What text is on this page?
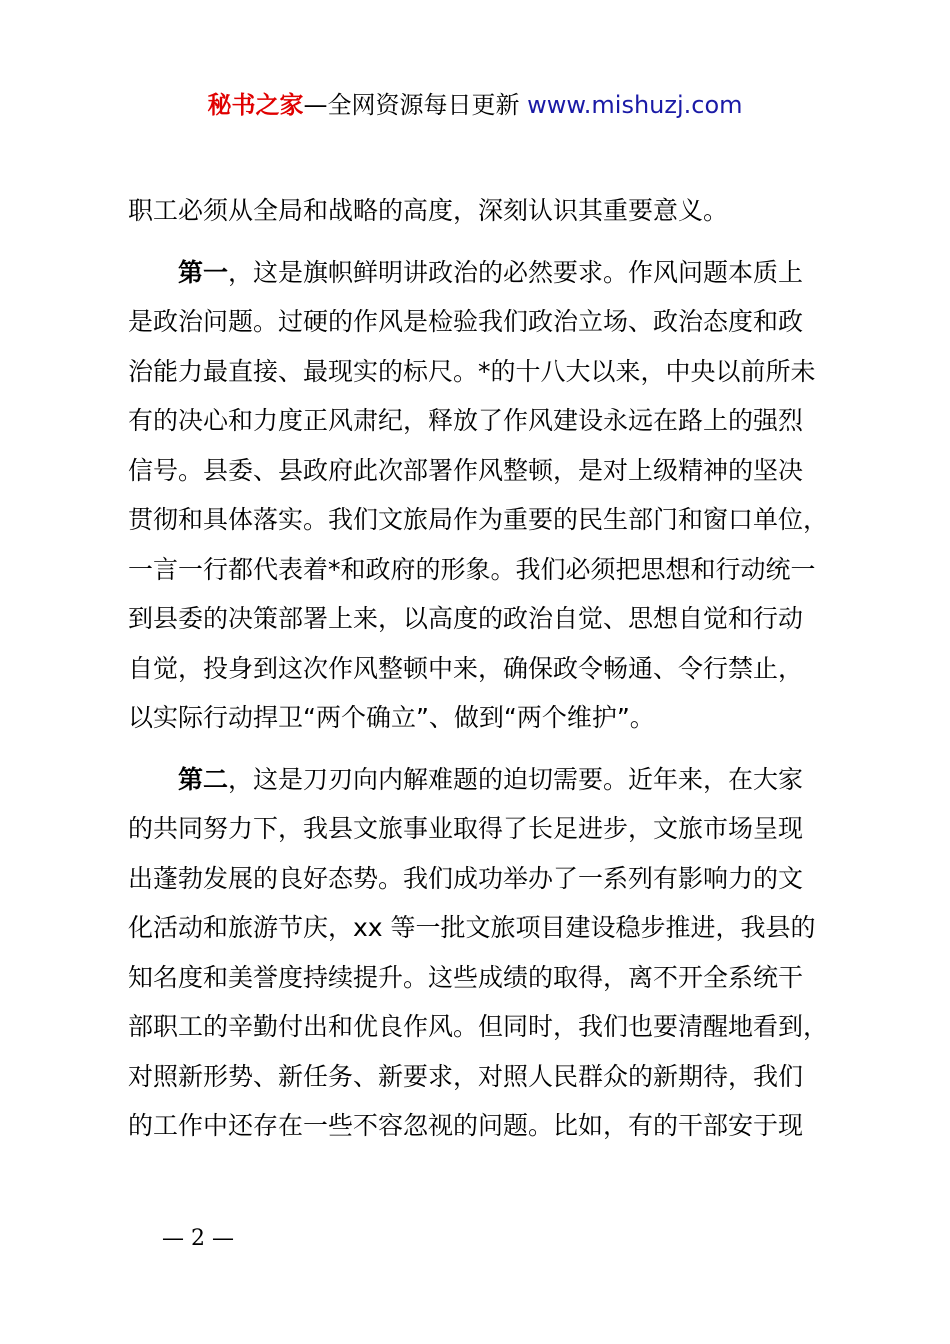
秘书之家—全网资源每日更新 www.mishuzj.com
职工必须从全局和战略的高度，深刻认识其重要意义。
第一，这是旗帜鲜明讲政治的必然要求。作风问题本质上
是政治问题。过硬的作风是检验我们政治立场、政治态度和政
治能力最直接、最现实的标尺。*的十八大以来，中央以前所未
有的决心和力度正风肃纪，释放了作风建设永远在路上的强烈
信号。县委、县政府此次部署作风整顿，是对上级精神的坚决
贯彻和具体落实。我们文旅局作为重要的民生部门和窗口单位，
一言一行都代表着*和政府的形象。我们必须把思想和行动统一
到县委的决策部署上来，以高度的政治自觉、思想自觉和行动
自觉，投身到这次作风整顿中来，确保政令畅通、令行禁止，
以实际行动捍卫“两个确立”、做到“两个维护”。
第二，这是刀刃向内解难题的迫切需要。近年来，在大家
的共同努力下，我县文旅事业取得了长足进步，文旅市场呈现
出蓬勃发展的良好态势。我们成功举办了一系列有影响力的文
化活动和旅游节庆，xx 等一批文旅项目建设稳步推进，我县的
知名度和美誉度持续提升。这些成绩的取得，离不开全系统干
部职工的辛勤付出和优良作风。但同时，我们也要清醒地看到，
对照新形势、新任务、新要求，对照人民群众的新期待，我们
的工作中还存在一些不容忽视的问题。比如，有的干部安于现
— 2 —
